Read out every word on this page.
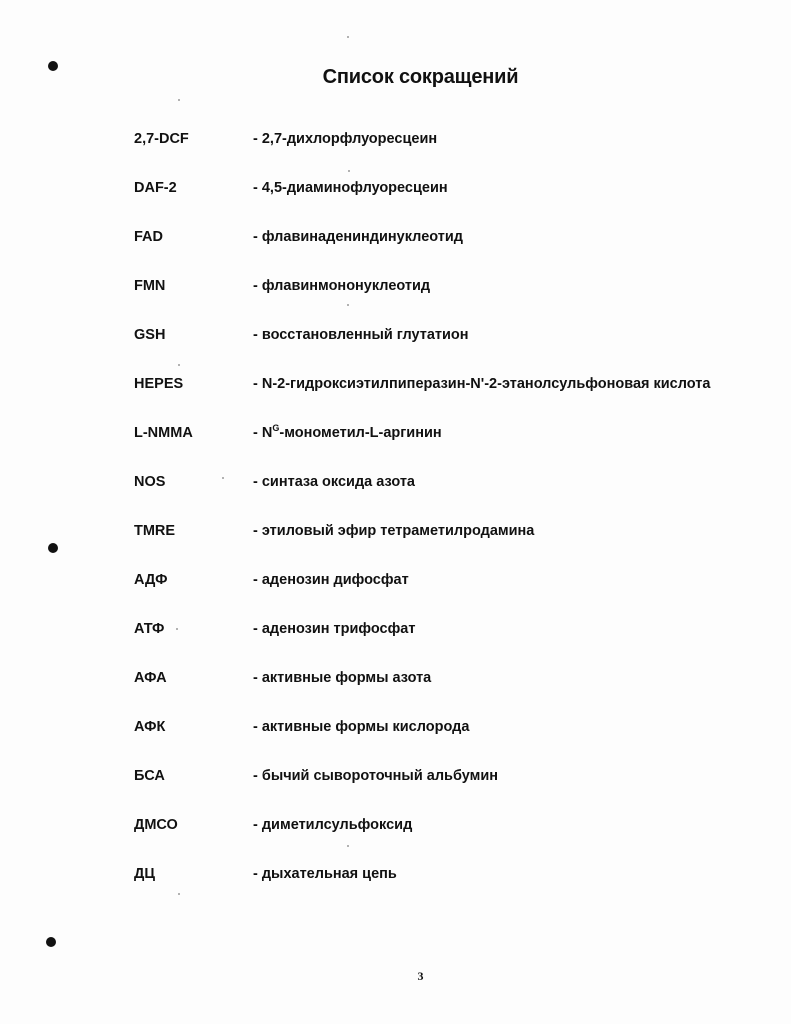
Список сокращений
2,7-DCF	- 2,7-дихлорфлуоресцеин
DAF-2	- 4,5-диаминофлуоресцеин
FAD	- флавинадениндинуклеотид
FMN	- флавинмононуклеотид
GSH	- восстановленный глутатион
HEPES	- N-2-гидроксиэтилпиперазин-N'-2-этанолсульфоновая кислота
L-NMMA	- $N^G-монометил-L$-аргинин
NOS	- синтаза оксида азота
TMRE	- этиловый эфир тетраметилродамина
АДФ	- аденозин дифосфат
АТФ	- аденозин трифосфат
АФА	- активные формы азота
АФК	- активные формы кислорода
БСА	- бычий сывороточный альбумин
ДМСО	- диметилсульфоксид
ДЦ	- дыхательная цепь
3
